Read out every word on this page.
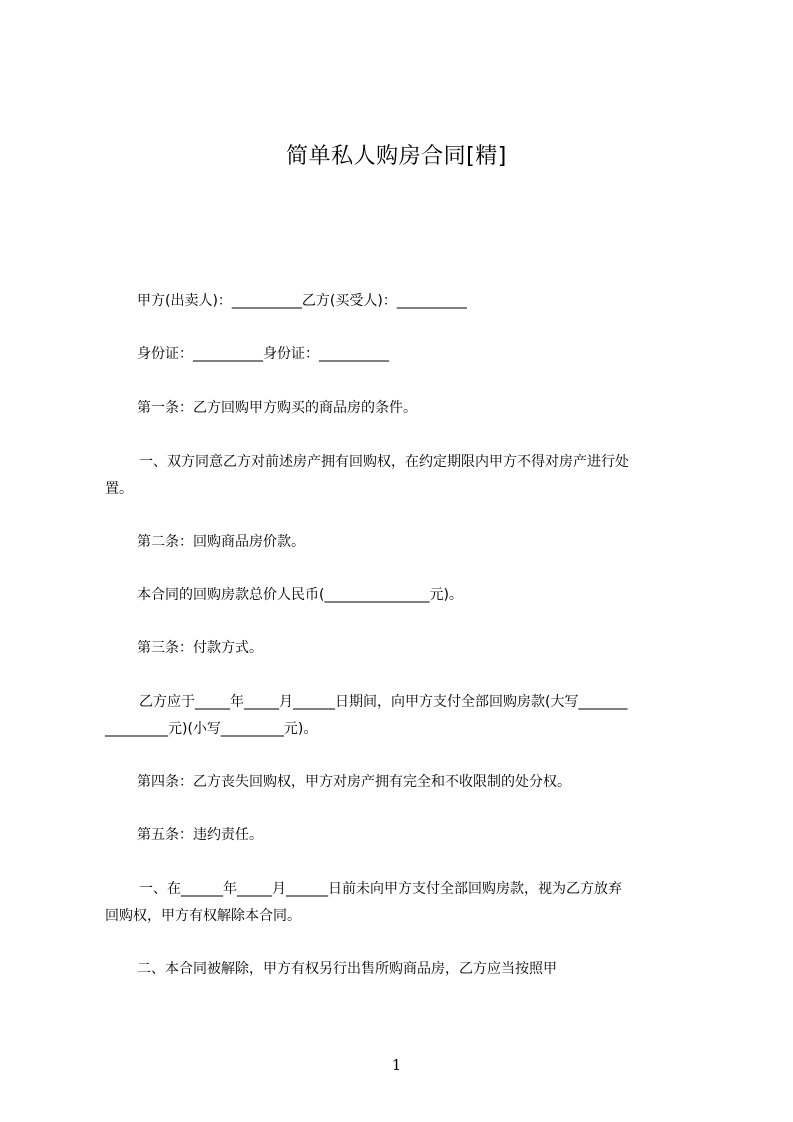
简单私人购房合同[精]
甲方(出卖人)：__________乙方(买受人)：__________
身份证：__________身份证：__________
第一条：乙方回购甲方购买的商品房的条件。
一、双方同意乙方对前述房产拥有回购权，在约定期限内甲方不得对房产进行处
置。
第二条：回购商品房价款。
本合同的回购房款总价人民币(_______________元)。
第三条：付款方式。
乙方应于_____年_____月______日期间，向甲方支付全部回购房款(大写_______
_________元)(小写_________元)。
第四条：乙方丧失回购权，甲方对房产拥有完全和不收限制的处分权。
第五条：违约责任。
一、在______年_____月______日前未向甲方支付全部回购房款，视为乙方放弃
回购权，甲方有权解除本合同。
二、本合同被解除，甲方有权另行出售所购商品房，乙方应当按照甲
1
